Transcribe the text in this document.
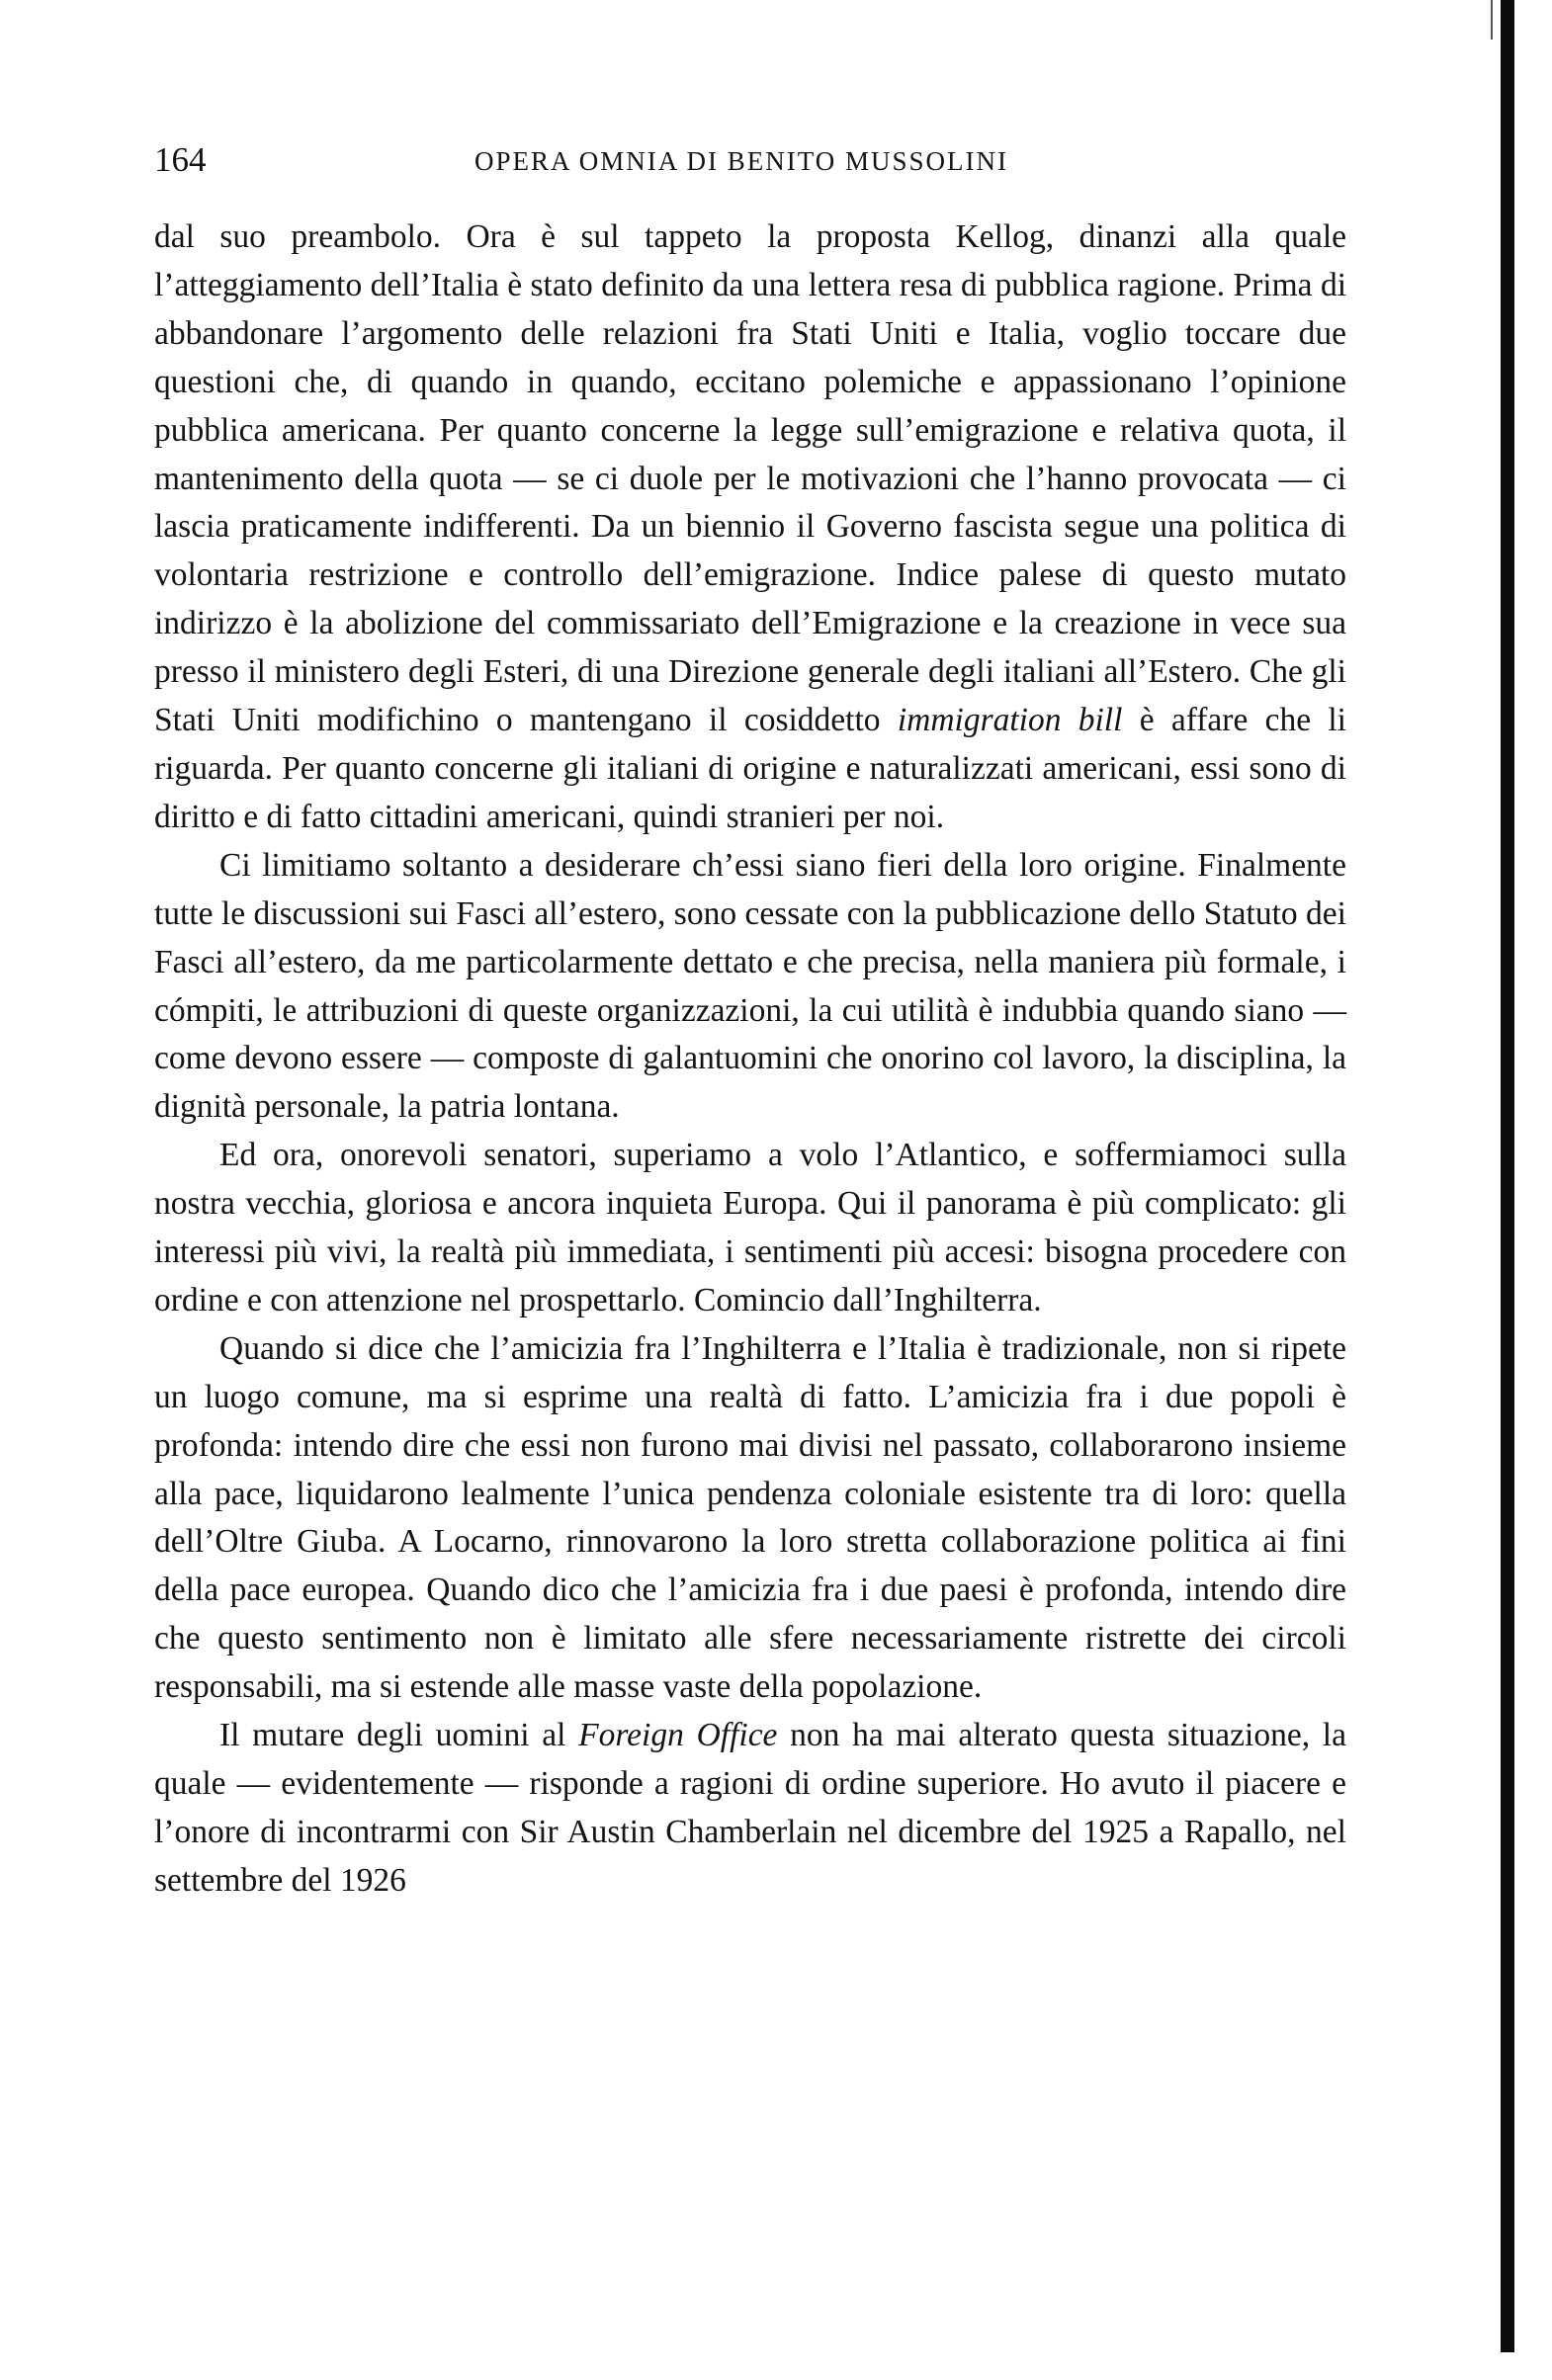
164	OPERA OMNIA DI BENITO MUSSOLINI

dal suo preambolo. Ora è sul tappeto la proposta Kellog, dinanzi alla quale l’atteggiamento dell’Italia è stato definito da una lettera resa di pubblica ragione. Prima di abbandonare l’argomento delle relazioni fra Stati Uniti e Italia, voglio toccare due questioni che, di quando in quando, eccitano polemiche e appassionano l’opinione pubblica americana. Per quanto concerne la legge sull’emigrazione e relativa quota, il mantenimento della quota — se ci duole per le motivazioni che l’hanno provocata — ci lascia praticamente indifferenti. Da un biennio il Governo fascista segue una politica di volontaria restrizione e controllo dell’emigrazione. Indice palese di questo mutato indirizzo è la abolizione del commissariato dell’Emigrazione e la creazione in vece sua presso il ministero degli Esteri, di una Direzione generale degli italiani all’Estero. Che gli Stati Uniti modifichino o mantengano il cosiddetto immigration bill è affare che li riguarda. Per quanto concerne gli italiani di origine e naturalizzati americani, essi sono di diritto e di fatto cittadini americani, quindi stranieri per noi.

Ci limitiamo soltanto a desiderare ch’essi siano fieri della loro origine. Finalmente tutte le discussioni sui Fasci all’estero, sono cessate con la pubblicazione dello Statuto dei Fasci all’estero, da me particolarmente dettato e che precisa, nella maniera più formale, i cómpiti, le attribuzioni di queste organizzazioni, la cui utilità è indubbia quando siano — come devono essere — composte di galantuomini che onorino col lavoro, la disciplina, la dignità personale, la patria lontana.

Ed ora, onorevoli senatori, superiamo a volo l’Atlantico, e soffermiamoci sulla nostra vecchia, gloriosa e ancora inquieta Europa. Qui il panorama è più complicato: gli interessi più vivi, la realtà più immediata, i sentimenti più accesi: bisogna procedere con ordine e con attenzione nel prospettarlo. Comincio dall’Inghilterra.

Quando si dice che l’amicizia fra l’Inghilterra e l’Italia è tradizionale, non si ripete un luogo comune, ma si esprime una realtà di fatto. L’amicizia fra i due popoli è profonda: intendo dire che essi non furono mai divisi nel passato, collaborarono insieme alla pace, liquidarono lealmente l’unica pendenza coloniale esistente tra di loro: quella dell’Oltre Giuba. A Locarno, rinnovarono la loro stretta collaborazione politica ai fini della pace europea. Quando dico che l’amicizia fra i due paesi è profonda, intendo dire che questo sentimento non è limitato alle sfere necessariamente ristrette dei circoli responsabili, ma si estende alle masse vaste della popolazione.

Il mutare degli uomini al Foreign Office non ha mai alterato questa situazione, la quale — evidentemente — risponde a ragioni di ordine superiore. Ho avuto il piacere e l’onore di incontrarmi con Sir Austin Chamberlain nel dicembre del 1925 a Rapallo, nel settembre del 1926
